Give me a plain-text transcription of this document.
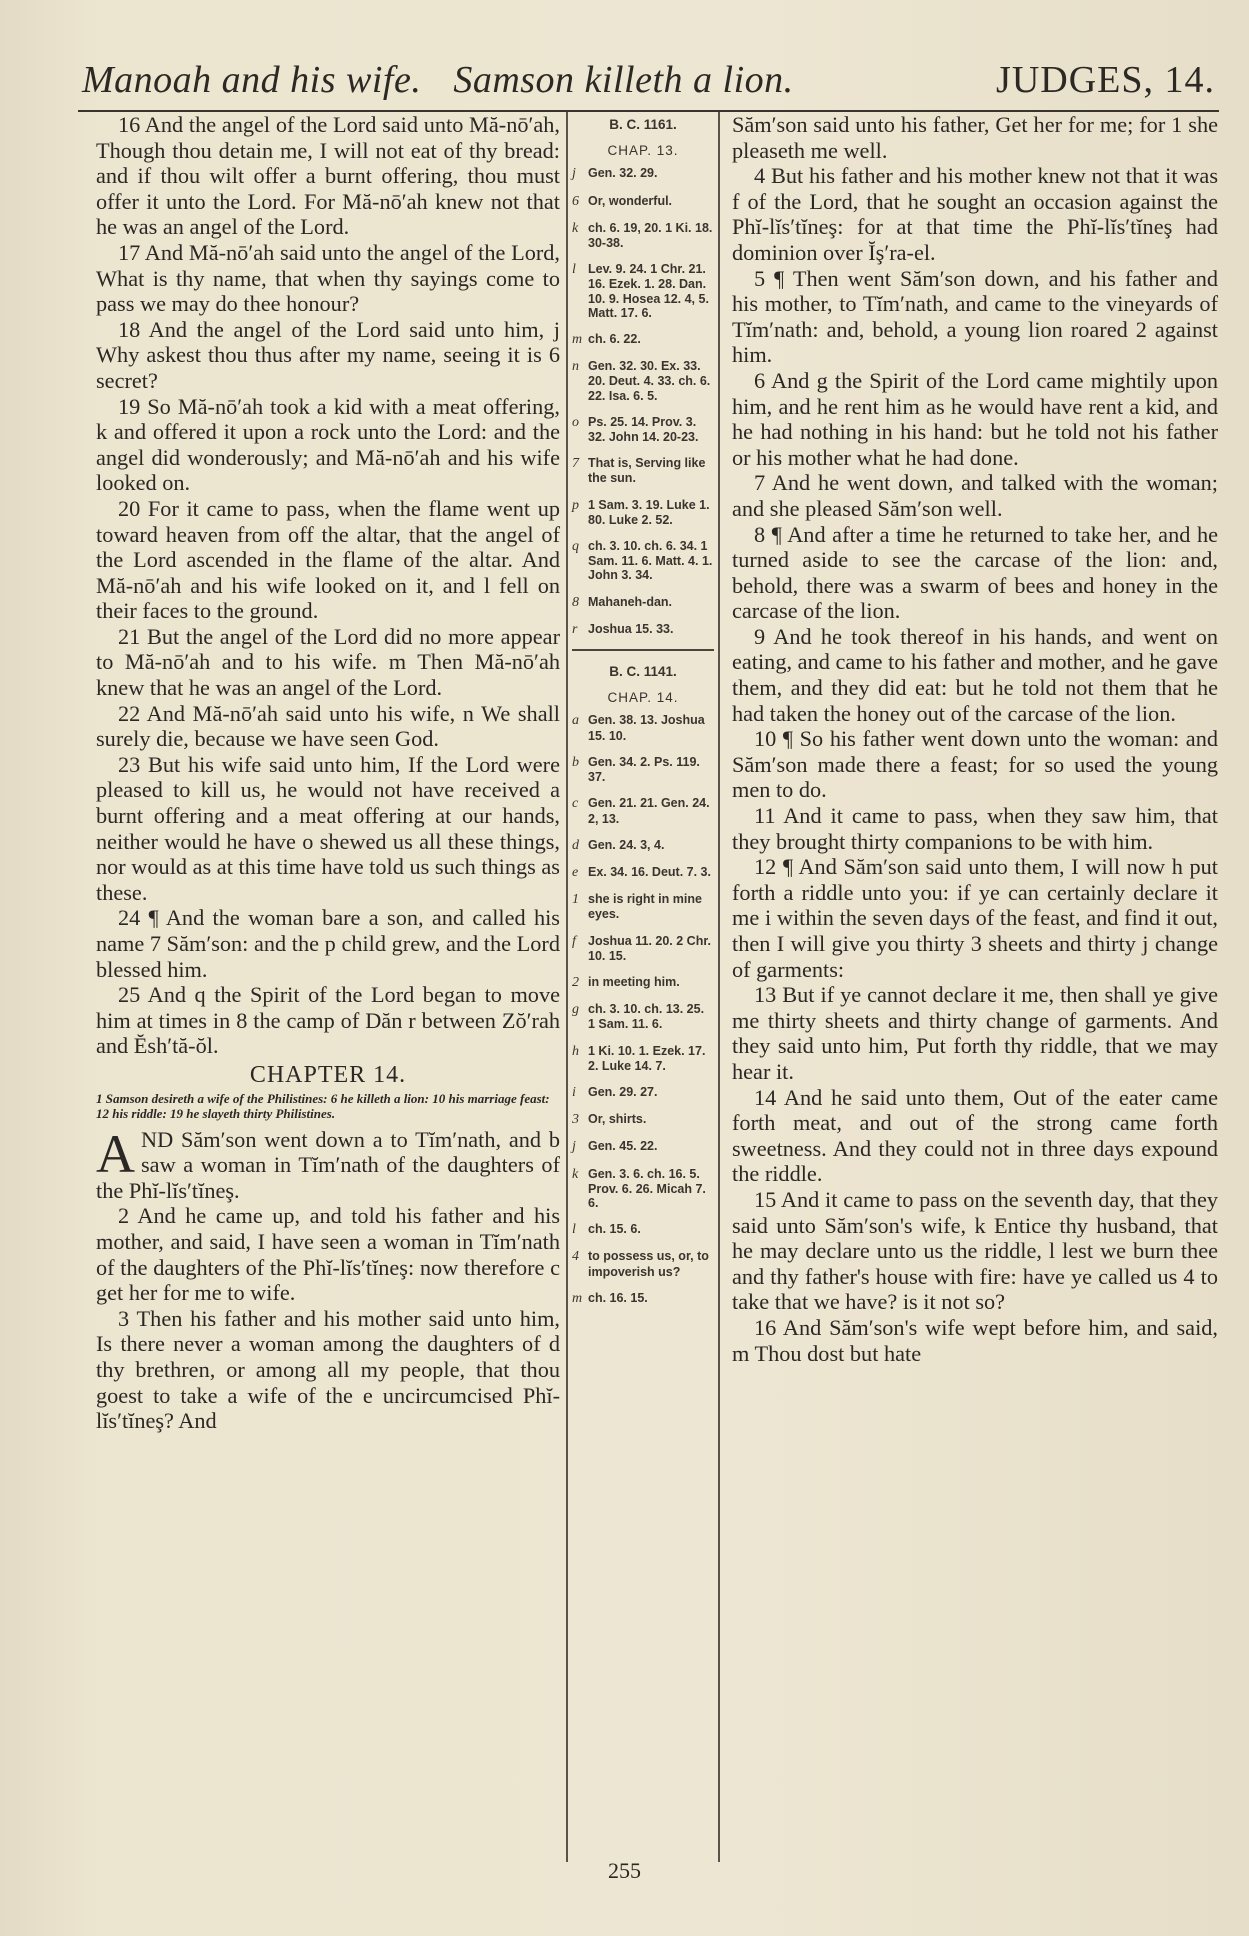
Manoah and his wife. Samson killeth a lion.	JUDGES, 14.

16 And the angel of the Lord said unto Mă-nō′ah, Though thou detain me, I will not eat of thy bread: and if thou wilt offer a burnt offering, thou must offer it unto the Lord. For Mă-nō′ah knew not that he was an angel of the Lord.

17 And Mă-nō′ah said unto the angel of the Lord, What is thy name, that when thy sayings come to pass we may do thee honour?

18 And the angel of the Lord said unto him, j Why askest thou thus after my name, seeing it is 6 secret?

19 So Mă-nō′ah took a kid with a meat offering, k and offered it upon a rock unto the Lord: and the angel did wonderously; and Mă-nō′ah and his wife looked on.

20 For it came to pass, when the flame went up toward heaven from off the altar, that the angel of the Lord ascended in the flame of the altar. And Mă-nō′ah and his wife looked on it, and l fell on their faces to the ground.

21 But the angel of the Lord did no more appear to Mă-nō′ah and to his wife. m Then Mă-nō′ah knew that he was an angel of the Lord.

22 And Mă-nō′ah said unto his wife, n We shall surely die, because we have seen God.

23 But his wife said unto him, If the Lord were pleased to kill us, he would not have received a burnt offering and a meat offering at our hands, neither would he have o shewed us all these things, nor would as at this time have told us such things as these.

24 ¶ And the woman bare a son, and called his name 7 Săm′son: and the p child grew, and the Lord blessed him.

25 And q the Spirit of the Lord began to move him at times in 8 the camp of Dăn r between Zŏ′rah and Ĕsh′tă-ŏl.

CHAPTER 14.
1 Samson desireth a wife of the Philistines: 6 he killeth a lion: 10 his marriage feast: 12 his riddle: 19 he slayeth thirty Philistines.
A ND Săm′son went down a to Tĭm′nath, and b saw a woman in Tĭm′nath of the daughters of the Phĭ-lĭs′tĭneş.

2 And he came up, and told his father and his mother, and said, I have seen a woman in Tĭm′nath of the daughters of the Phĭ-lĭs′tĭneş: now therefore c get her for me to wife.

3 Then his father and his mother said unto him, Is there never a woman among the daughters of d thy brethren, or among all my people, that thou goest to take a wife of the e uncircumcised Phĭ-lĭs′tĭneş? And

B. C. 1161.
CHAP. 13.
j Gen. 32. 29.
6 Or, wonderful.
k ch. 6. 19, 20. 1 Ki. 18. 30-38.
l Lev. 9. 24. 1 Chr. 21. 16. Ezek. 1. 28. Dan. 10. 9. Hosea 12. 4, 5. Matt. 17. 6.
m ch. 6. 22.
n Gen. 32. 30. Ex. 33. 20. Deut. 4. 33. ch. 6. 22. Isa. 6. 5.
o Ps. 25. 14. Prov. 3. 32. John 14. 20-23.
7 That is, Serving like the sun.
p 1 Sam. 3. 19. Luke 1. 80. Luke 2. 52.
q ch. 3. 10. ch. 6. 34. 1 Sam. 11. 6. Matt. 4. 1. John 3. 34.
8 Mahaneh-dan.
r Joshua 15. 33.
B. C. 1141.
CHAP. 14.
a Gen. 38. 13. Joshua 15. 10.
b Gen. 34. 2. Ps. 119. 37.
c Gen. 21. 21. Gen. 24. 2, 13.
d Gen. 24. 3, 4.
e Ex. 34. 16. Deut. 7. 3.
1 she is right in mine eyes.
f Joshua 11. 20. 2 Chr. 10. 15.
2 in meeting him.
g ch. 3. 10. ch. 13. 25. 1 Sam. 11. 6.
h 1 Ki. 10. 1. Ezek. 17. 2. Luke 14. 7.
i Gen. 29. 27.
3 Or, shirts.
j Gen. 45. 22.
k Gen. 3. 6. ch. 16. 5. Prov. 6. 26. Micah 7. 6.
l ch. 15. 6.
4 to possess us, or, to impoverish us?
m ch. 16. 15.

Săm′son said unto his father, Get her for me; for 1 she pleaseth me well.

4 But his father and his mother knew not that it was f of the Lord, that he sought an occasion against the Phĭ-lĭs′tĭneş: for at that time the Phĭ-lĭs′tĭneş had dominion over Ĭş′ra-el.

5 ¶ Then went Săm′son down, and his father and his mother, to Tĭm′nath, and came to the vineyards of Tĭm′nath: and, behold, a young lion roared 2 against him.

6 And g the Spirit of the Lord came mightily upon him, and he rent him as he would have rent a kid, and he had nothing in his hand: but he told not his father or his mother what he had done.

7 And he went down, and talked with the woman; and she pleased Săm′son well.

8 ¶ And after a time he returned to take her, and he turned aside to see the carcase of the lion: and, behold, there was a swarm of bees and honey in the carcase of the lion.

9 And he took thereof in his hands, and went on eating, and came to his father and mother, and he gave them, and they did eat: but he told not them that he had taken the honey out of the carcase of the lion.

10 ¶ So his father went down unto the woman: and Săm′son made there a feast; for so used the young men to do.

11 And it came to pass, when they saw him, that they brought thirty companions to be with him.

12 ¶ And Săm′son said unto them, I will now h put forth a riddle unto you: if ye can certainly declare it me i within the seven days of the feast, and find it out, then I will give you thirty 3 sheets and thirty j change of garments:

13 But if ye cannot declare it me, then shall ye give me thirty sheets and thirty change of garments. And they said unto him, Put forth thy riddle, that we may hear it.

14 And he said unto them, Out of the eater came forth meat, and out of the strong came forth sweetness. And they could not in three days expound the riddle.

15 And it came to pass on the seventh day, that they said unto Săm′son's wife, k Entice thy husband, that he may declare unto us the riddle, l lest we burn thee and thy father's house with fire: have ye called us 4 to take that we have? is it not so?

16 And Săm′son's wife wept before him, and said, m Thou dost but hate

255
